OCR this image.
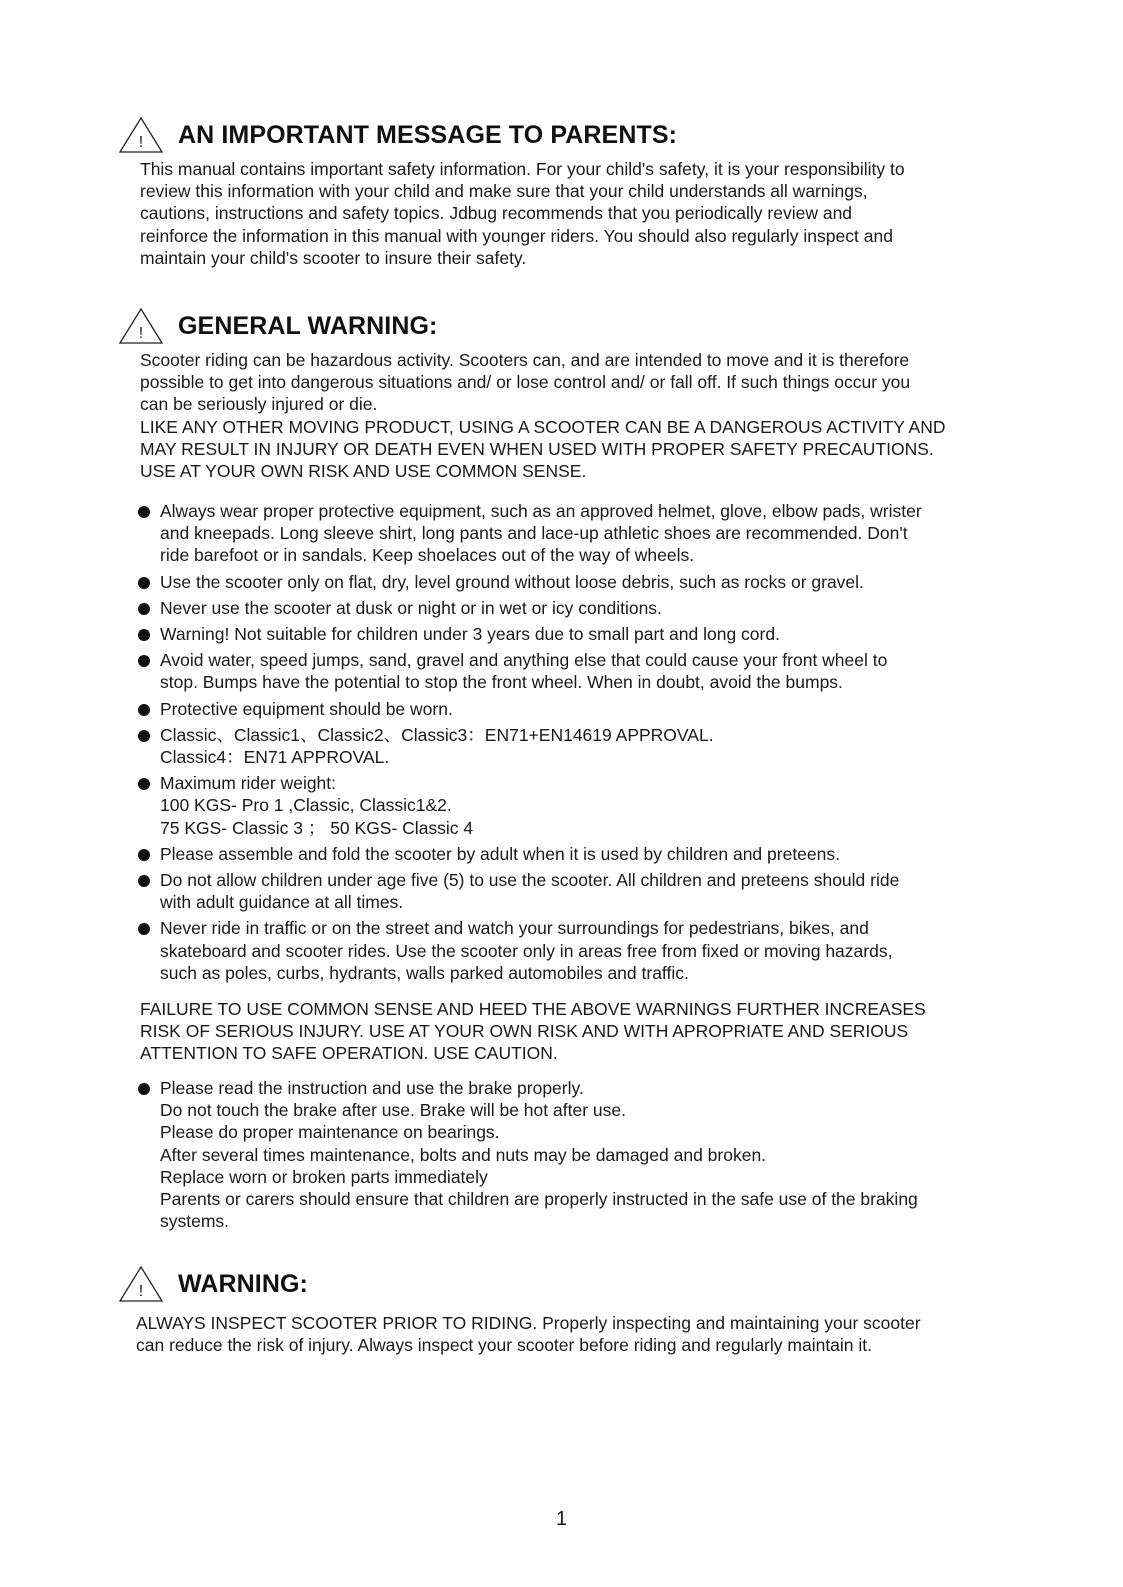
! AN IMPORTANT MESSAGE TO PARENTS:
This manual contains important safety information. For your child's safety, it is your responsibility to
review this information with your child and make sure that your child understands all warnings,
cautions, instructions and safety topics. Jdbug recommends that you periodically review and
reinforce the information in this manual with younger riders. You should also regularly inspect and
maintain your child's scooter to insure their safety.
! GENERAL WARNING:
Scooter riding can be hazardous activity. Scooters can, and are intended to move and it is therefore
possible to get into dangerous situations and/ or lose control and/ or fall off. If such things occur you
can be seriously injured or die.
LIKE ANY OTHER MOVING PRODUCT, USING A SCOOTER CAN BE A DANGEROUS ACTIVITY AND
MAY RESULT IN INJURY OR DEATH EVEN WHEN USED WITH PROPER SAFETY PRECAUTIONS.
USE AT YOUR OWN RISK AND USE COMMON SENSE.
Always wear proper protective equipment, such as an approved helmet, glove, elbow pads, wrister
and kneepads. Long sleeve shirt, long pants and lace-up athletic shoes are recommended. Don't
ride barefoot or in sandals. Keep shoelaces out of the way of wheels.
Use the scooter only on flat, dry, level ground without loose debris, such as rocks or gravel.
Never use the scooter at dusk or night or in wet or icy conditions.
Warning! Not suitable for children under 3 years due to small part and long cord.
Avoid water, speed jumps, sand, gravel and anything else that could cause your front wheel to
stop. Bumps have the potential to stop the front wheel. When in doubt, avoid the bumps.
Protective equipment should be worn.
Classic、Classic1、Classic2、Classic3：EN71+EN14619 APPROVAL.
Classic4：EN71 APPROVAL.
Maximum rider weight:
100 KGS- Pro 1 ,Classic, Classic1&2.
75 KGS- Classic 3 ； 50 KGS- Classic 4
Please assemble and fold the scooter by adult when it is used by children and preteens.
Do not allow children under age five (5) to use the scooter. All children and preteens should ride
with adult guidance at all times.
Never ride in traffic or on the street and watch your surroundings for pedestrians, bikes, and
skateboard and scooter rides. Use the scooter only in areas free from fixed or moving hazards,
such as poles, curbs, hydrants, walls parked automobiles and traffic.
FAILURE TO USE COMMON SENSE AND HEED THE ABOVE WARNINGS FURTHER INCREASES
RISK OF SERIOUS INJURY. USE AT YOUR OWN RISK AND WITH APROPRIATE AND SERIOUS
ATTENTION TO SAFE OPERATION. USE CAUTION.
Please read the instruction and use the brake properly.
Do not touch the brake after use. Brake will be hot after use.
Please do proper maintenance on bearings.
After several times maintenance, bolts and nuts may be damaged and broken.
Replace worn or broken parts immediately
Parents or carers should ensure that children are properly instructed in the safe use of the braking
systems.
! WARNING:
ALWAYS INSPECT SCOOTER PRIOR TO RIDING. Properly inspecting and maintaining your scooter
can reduce the risk of injury. Always inspect your scooter before riding and regularly maintain it.
1
